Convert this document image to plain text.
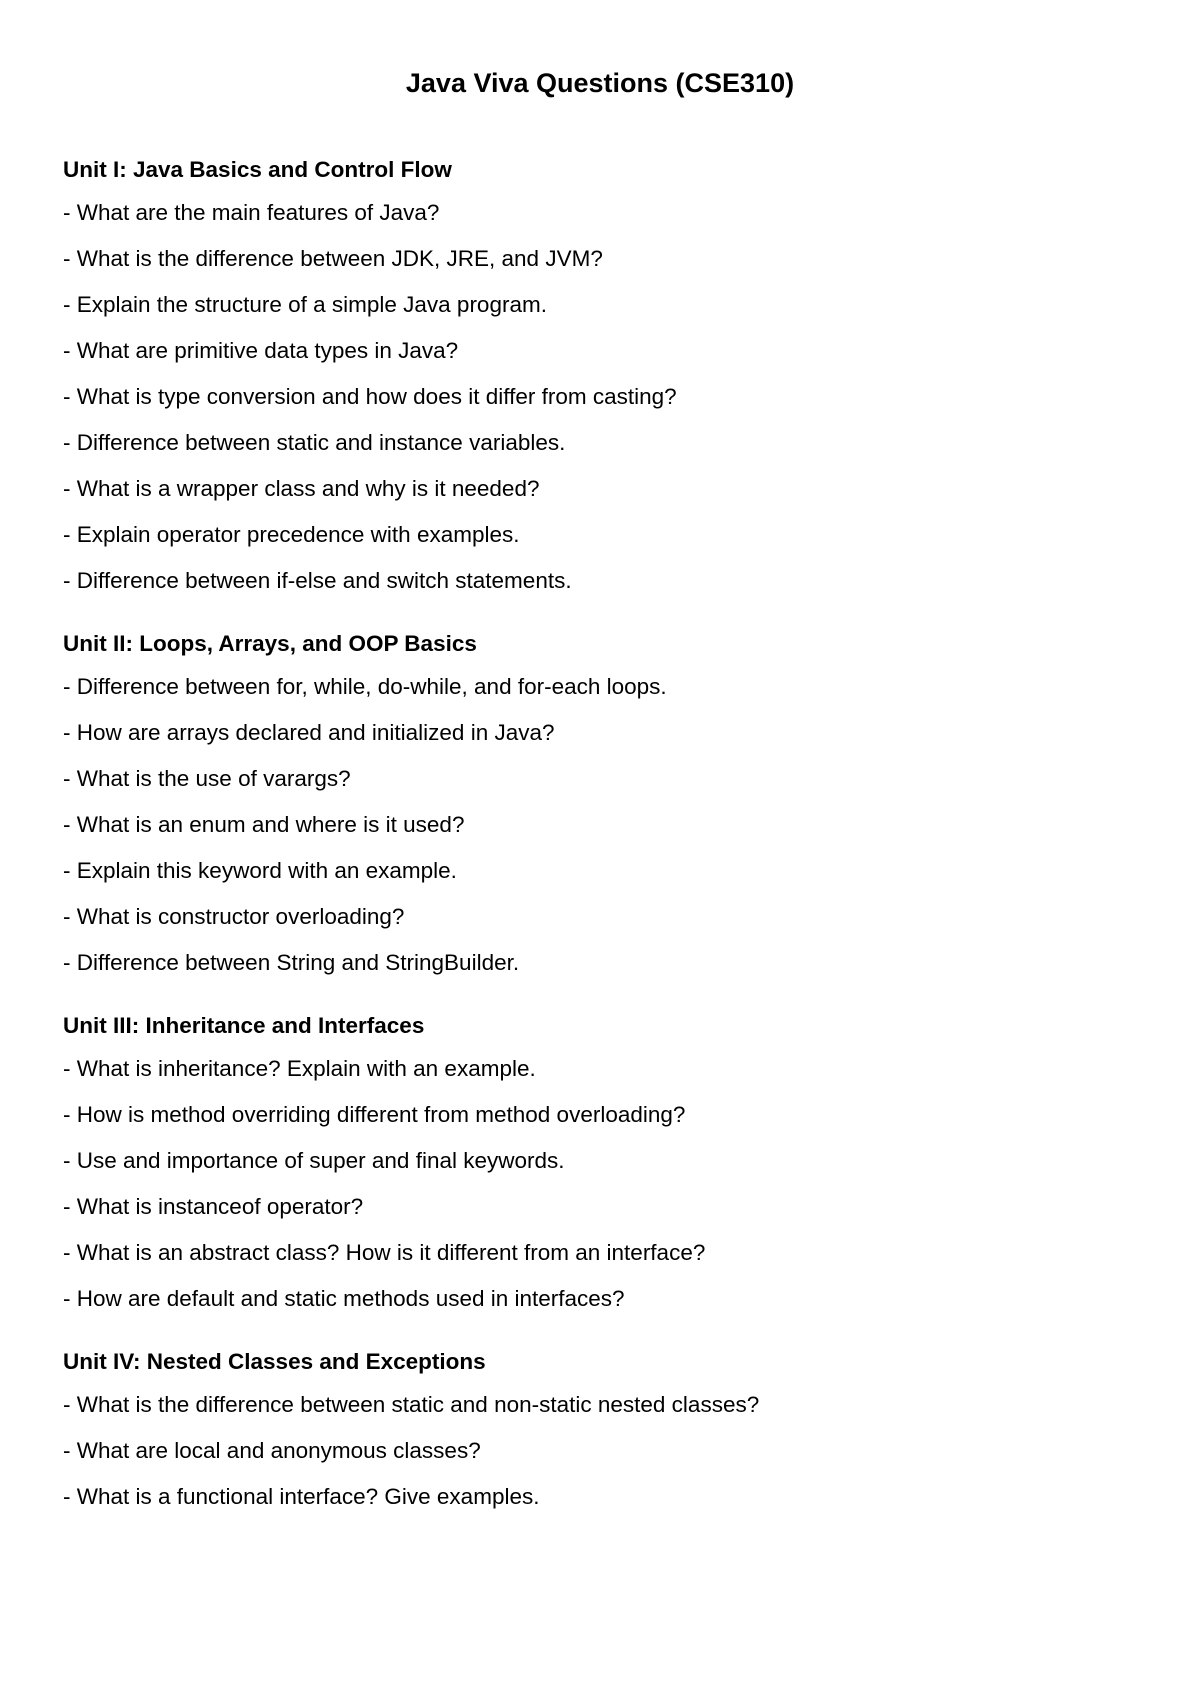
Java Viva Questions (CSE310)
Unit I: Java Basics and Control Flow
- What are the main features of Java?
- What is the difference between JDK, JRE, and JVM?
- Explain the structure of a simple Java program.
- What are primitive data types in Java?
- What is type conversion and how does it differ from casting?
- Difference between static and instance variables.
- What is a wrapper class and why is it needed?
- Explain operator precedence with examples.
- Difference between if-else and switch statements.
Unit II: Loops, Arrays, and OOP Basics
- Difference between for, while, do-while, and for-each loops.
- How are arrays declared and initialized in Java?
- What is the use of varargs?
- What is an enum and where is it used?
- Explain this keyword with an example.
- What is constructor overloading?
- Difference between String and StringBuilder.
Unit III: Inheritance and Interfaces
- What is inheritance? Explain with an example.
- How is method overriding different from method overloading?
- Use and importance of super and final keywords.
- What is instanceof operator?
- What is an abstract class? How is it different from an interface?
- How are default and static methods used in interfaces?
Unit IV: Nested Classes and Exceptions
- What is the difference between static and non-static nested classes?
- What are local and anonymous classes?
- What is a functional interface? Give examples.
